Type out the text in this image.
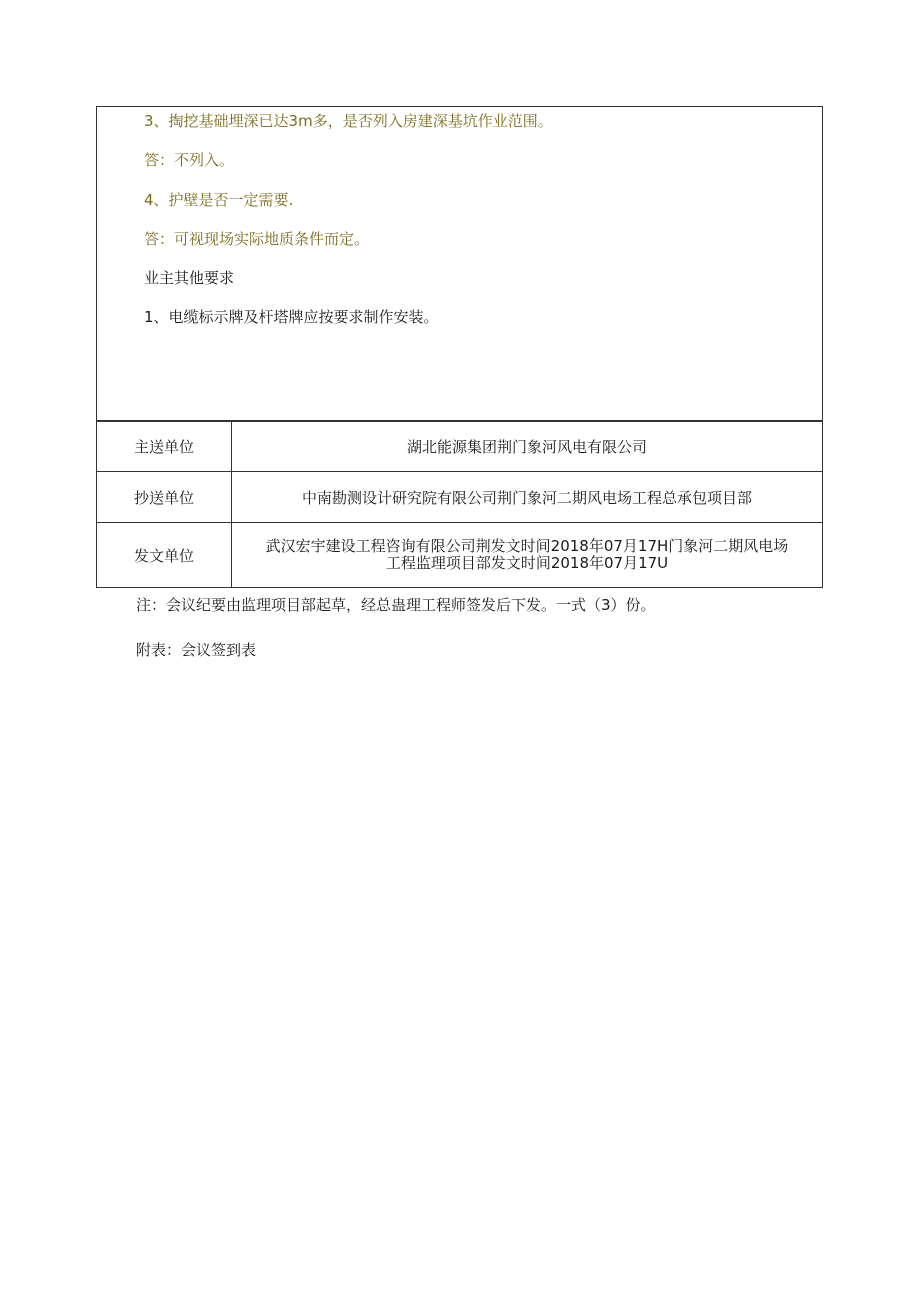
3、掏挖基础埋深已达3m多，是否列入房建深基坑作业范围。
答：不列入。
4、护壁是否一定需要.
答：可视现场实际地质条件而定。
业主其他要求
1、电缆标示牌及杆塔牌应按要求制作安装。
主送单位	湖北能源集团荆门象河风电有限公司
抄送单位	中南勘测设计研究院有限公司荆门象河二期风电场工程总承包项目部
发文单位	武汉宏宇建设工程咨询有限公司荆发文时间2018年07月17H门象河二期风电场
工程监理项目部发文时间2018年07月17U
注：会议纪要由监理项目部起草，经总蛊理工程师签发后下发。一式（3）份。
附表：会议签到表
